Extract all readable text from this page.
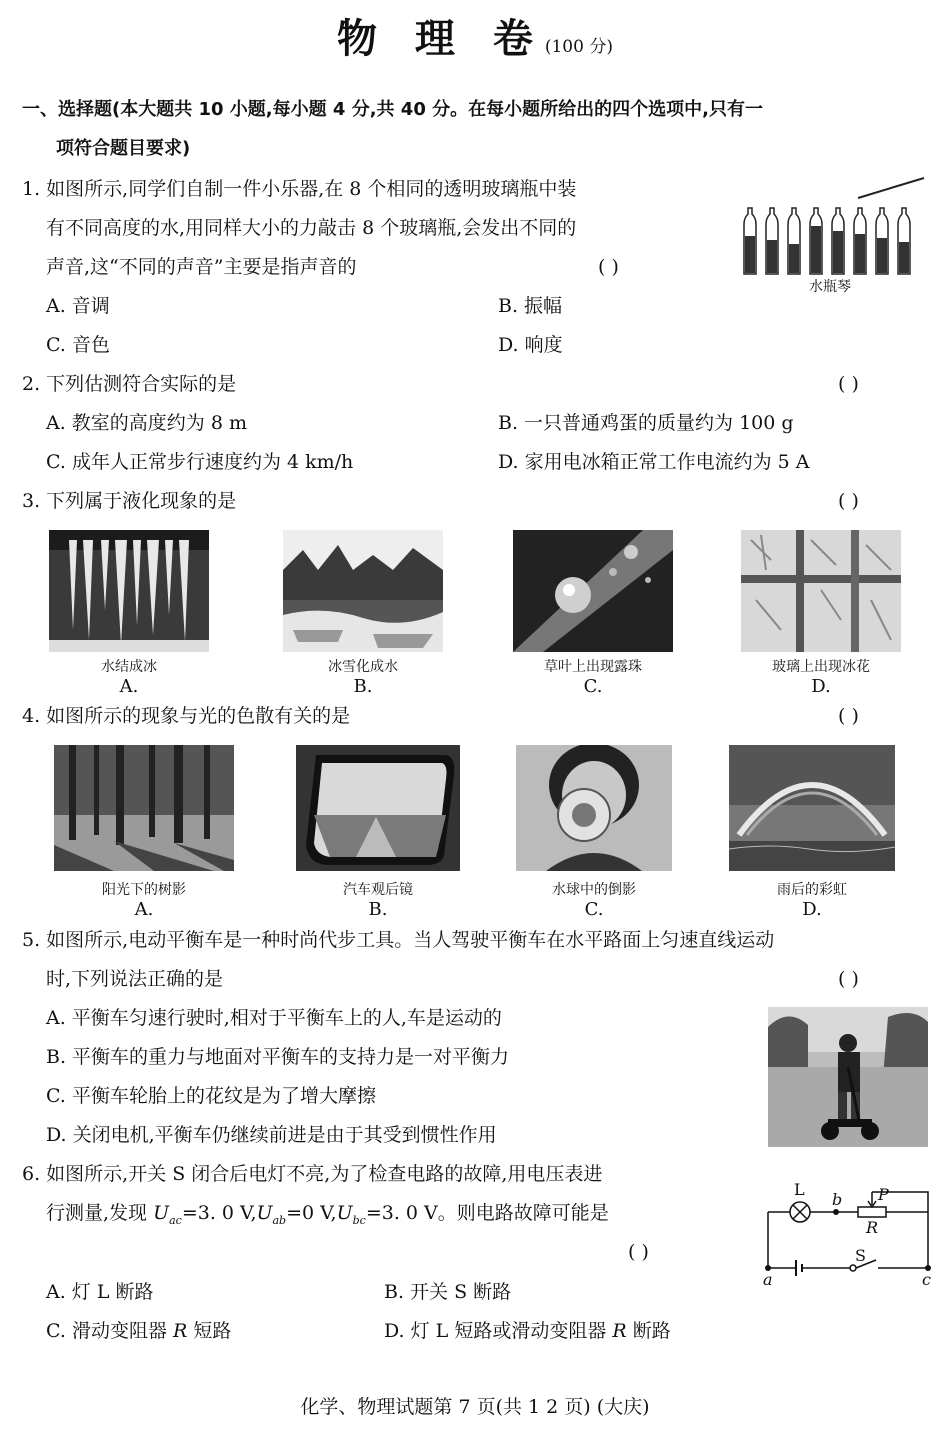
物 理 卷(100 分)
一、选择题(本大题共 10 小题,每小题 4 分,共 40 分。在每小题所给出的四个选项中,只有一
项符合题目要求)
1. 如图所示,同学们自制一件小乐器,在 8 个相同的透明玻璃瓶中装
有不同高度的水,用同样大小的力敲击 8 个玻璃瓶,会发出不同的
声音,这“不同的声音”主要是指声音的	( )
A. 音调	B. 振幅
C. 音色	D. 响度
水瓶琴
2. 下列估测符合实际的是	( )
A. 教室的高度约为 8 m	B. 一只普通鸡蛋的质量约为 100 g
C. 成年人正常步行速度约为 4 km/h	D. 家用电冰箱正常工作电流约为 5 A
3. 下列属于液化现象的是	( )
水结成冰	冰雪化成水	草叶上出现露珠	玻璃上出现冰花
A.	B.	C.	D.
4. 如图所示的现象与光的色散有关的是	( )
阳光下的树影	汽车观后镜	水球中的倒影	雨后的彩虹
A.	B.	C.	D.
5. 如图所示,电动平衡车是一种时尚代步工具。当人驾驶平衡车在水平路面上匀速直线运动
时,下列说法正确的是	( )
A. 平衡车匀速行驶时,相对于平衡车上的人,车是运动的
B. 平衡车的重力与地面对平衡车的支持力是一对平衡力
C. 平衡车轮胎上的花纹是为了增大摩擦
D. 关闭电机,平衡车仍继续前进是由于其受到惯性作用
6. 如图所示,开关 S 闭合后电灯不亮,为了检查电路的故障,用电压表进
行测量,发现 $U_{ac}=3$. 0 $V,U_{ab}=0$ $V,U_{bc}=3$. 0 V。则电路故障可能是
( )
A. 灯 L 断路	B. 开关 S 断路
C. 滑动变阻器 R 短路	D. 灯 L 短路或滑动变阻器 R 断路
L
b P
R
S
a	c
化学、物理试题第 7 页(共 1 2 页) (大庆)
